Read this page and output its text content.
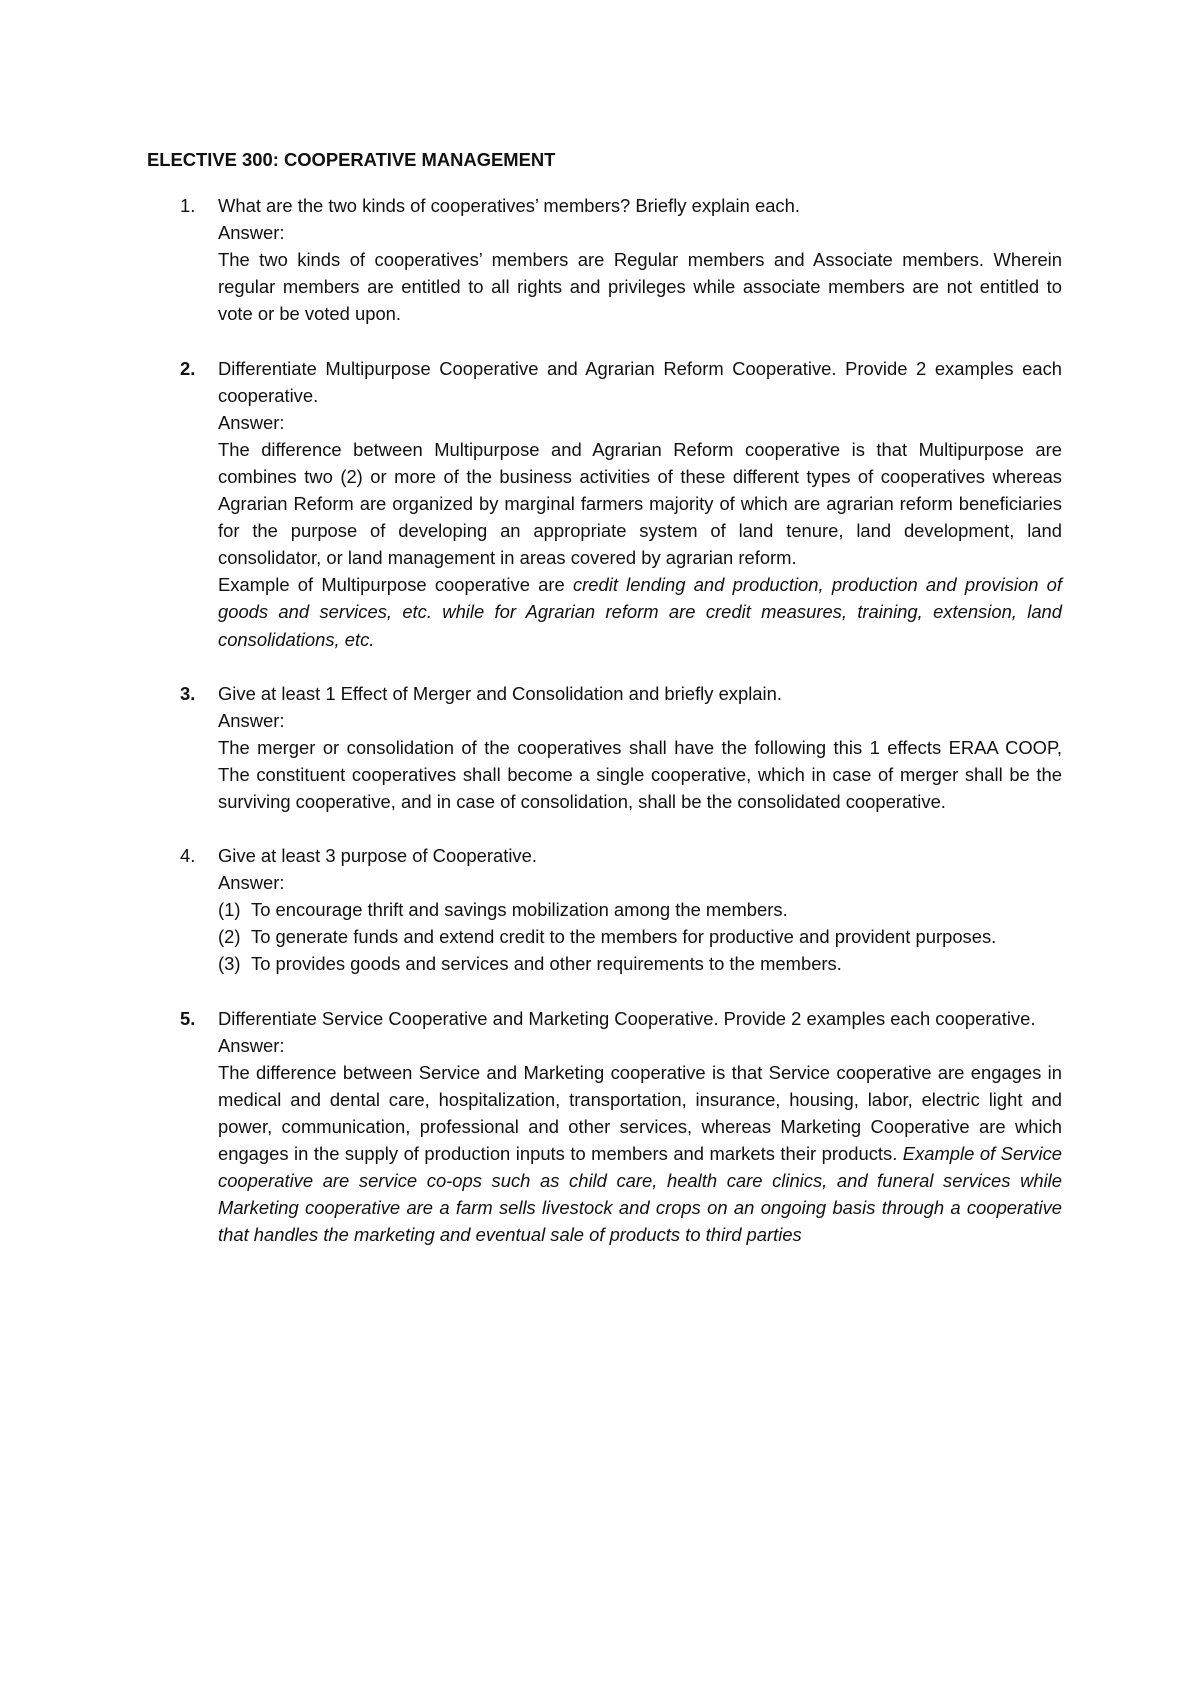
ELECTIVE 300: COOPERATIVE MANAGEMENT

1. What are the two kinds of cooperatives’ members? Briefly explain each.

Answer:

The two kinds of cooperatives’ members are Regular members and Associate members. Wherein regular members are entitled to all rights and privileges while associate members are not entitled to vote or be voted upon.

2. Differentiate Multipurpose Cooperative and Agrarian Reform Cooperative. Provide 2 examples each cooperative.

Answer:

The difference between Multipurpose and Agrarian Reform cooperative is that Multipurpose are combines two (2) or more of the business activities of these different types of cooperatives whereas Agrarian Reform are organized by marginal farmers majority of which are agrarian reform beneficiaries for the purpose of developing an appropriate system of land tenure, land development, land consolidator, or land management in areas covered by agrarian reform.

Example of Multipurpose cooperative are credit lending and production, production and provision of goods and services, etc. while for Agrarian reform are credit measures, training, extension, land consolidations, etc.

3. Give at least 1 Effect of Merger and Consolidation and briefly explain.

Answer:

The merger or consolidation of the cooperatives shall have the following this 1 effects ERAA COOP, The constituent cooperatives shall become a single cooperative, which in case of merger shall be the surviving cooperative, and in case of consolidation, shall be the consolidated cooperative.

4. Give at least 3 purpose of Cooperative.

Answer:

(1) To encourage thrift and savings mobilization among the members.
(2) To generate funds and extend credit to the members for productive and provident purposes.
(3) To provides goods and services and other requirements to the members.
5. Differentiate Service Cooperative and Marketing Cooperative. Provide 2 examples each cooperative.

Answer:

The difference between Service and Marketing cooperative is that Service cooperative are engages in medical and dental care, hospitalization, transportation, insurance, housing, labor, electric light and power, communication, professional and other services, whereas Marketing Cooperative are which engages in the supply of production inputs to members and markets their products. Example of Service cooperative are service co-ops such as child care, health care clinics, and funeral services while Marketing cooperative are a farm sells livestock and crops on an ongoing basis through a cooperative that handles the marketing and eventual sale of products to third parties
